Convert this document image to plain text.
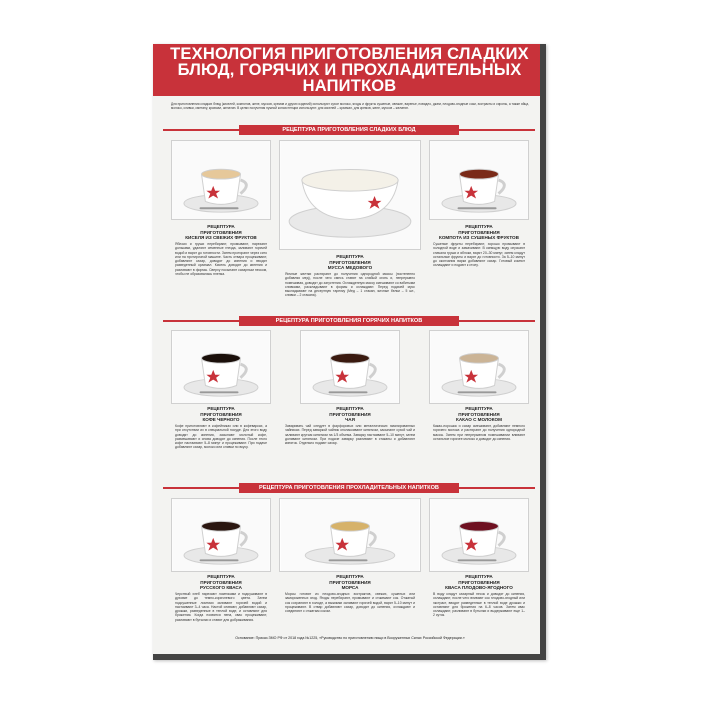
ТЕХНОЛОГИЯ ПРИГОТОВЛЕНИЯ СЛАДКИХ
БЛЮД, ГОРЯЧИХ И ПРОХЛАДИТЕЛЬНЫХ
НАПИТКОВ
Для приготовления сладких блюд (киселей, компотов, желе, муссов, кремов и других изделий) используют сухое молоко, ягоды и фрукты сушеные, свежие, варенье, повидло, джем, плодово-ягодные соки, экстракты и сиропы, а также яйца, молоко, сливки, сметану, крахмал, желатин. В целях получения нужной консистенции используют: для киселей – крахмал, для кремов, желе, муссов – желатин.
РЕЦЕПТУРА ПРИГОТОВЛЕНИЯ СЛАДКИХ БЛЮД
РЕЦЕПТУРА
ПРИГОТОВЛЕНИЯ
КИСЕЛЯ ИЗ СВЕЖИХ ФРУКТОВ
Яблоки и груши перебирают, промывают, нарезают дольками, удаляют семенные гнезда, заливают горячей водой и варят до готовности. Затем протирают через сито или на протирочной машине. Часть отвара процеживают, добавляют сахар, доводят до кипения и вводят разведенный крахмал. Кисель доводят до кипения и разливают в формы. Сверху посыпают сахарным песком, чтобы не образовалась пленка.
РЕЦЕПТУРА
ПРИГОТОВЛЕНИЯ
МУССА МЕДОВОГО
Яичные желтки растирают до получения однородной массы (постепенно добавляя мед), после чего смесь ставят на слабый огонь и, непрерывно помешивая, доводят до загустения. Охлажденную массу смешивают со взбитыми сливками, раскладывают в формы и охлаждают. Перед подачей мусс выкладывают на десертную тарелку (Мед – 1 стакан, яичные белки – 5 шт., сливки – 2 стакана).
РЕЦЕПТУРА
ПРИГОТОВЛЕНИЯ
КОМПОТА ИЗ СУШЕНЫХ ФРУКТОВ
Сушеные фрукты перебирают, хорошо промывают в холодной воде и замачивают. В кипящую воду опускают сначала груши и яблоки, варят 20–30 минут, затем кладут остальные фрукты и варят до готовности. За 5–10 минут до окончания варки добавляют сахар. Готовый компот охлаждают и подают к столу.
РЕЦЕПТУРА ПРИГОТОВЛЕНИЯ ГОРЯЧИХ НАПИТКОВ
РЕЦЕПТУРА
ПРИГОТОВЛЕНИЯ
КОФЕ ЧЕРНОГО
Кофе приготовляют в кофейниках или в кофеварках, а при отсутствии их в специальной посуде. Для этого воду доводят до кипения, засыпают молотый кофе, размешивают и снова доводят до кипения. После этого кофе настаивают 5–8 минут и процеживают. При подаче добавляют сахар, молоко или сливки по вкусу.
РЕЦЕПТУРА
ПРИГОТОВЛЕНИЯ
ЧАЯ
Заваривать чай следует в фарфоровых или металлических эмалированных чайниках. Перед заваркой чайник ополаскивают кипятком, засыпают сухой чай и заливают крутым кипятком на 1/3 объема. Заварку настаивают 5–10 минут, затем доливают кипятком. При подаче заварку разливают в стаканы и добавляют кипяток. Отдельно подают сахар.
РЕЦЕПТУРА
ПРИГОТОВЛЕНИЯ
КАКАО С МОЛОКОМ
Какао-порошок и сахар смешивают, добавляют немного горячего молока и растирают до получения однородной массы. Затем при непрерывном помешивании вливают остальное горячее молоко и доводят до кипения.
РЕЦЕПТУРА ПРИГОТОВЛЕНИЯ ПРОХЛАДИТЕЛЬНЫХ НАПИТКОВ
РЕЦЕПТУРА
ПРИГОТОВЛЕНИЯ
РУССКОГО КВАСА
Черствый хлеб нарезают ломтиками и подсушивают в духовке до темно-коричневого цвета. Затем подсушенные ломтики заливают горячей водой и настаивают 3–4 часа. Настой сливают, добавляют сахар, дрожжи, разведенные в теплой воде, и оставляют для брожения. Когда появится пена, квас процеживают, разливают в бутылки и ставят для дображивания.
РЕЦЕПТУРА
ПРИГОТОВЛЕНИЯ
МОРСА
Морсы готовят из плодово-ягодных экстрактов, свежих, сушеных или замороженных ягод. Ягоды перебирают, промывают и отжимают сок. Отжатый сок сохраняют в холоде, а выжимки заливают горячей водой, варят 5–10 минут и процеживают. В отвар добавляют сахар, доводят до кипения, охлаждают и соединяют с отжатым соком.
РЕЦЕПТУРА
ПРИГОТОВЛЕНИЯ
КВАСА ПЛОДОВО-ЯГОДНОГО
В воду кладут сахарный песок и доводят до кипения, охлаждают, после чего вливают сок плодово-ягодный или экстракт, вводят разведенные в теплой воде дрожжи и оставляют для брожения на 6–8 часов. Затем квас охлаждают, разливают в бутылки и выдерживают еще 1–2 суток.
Основание: Приказ ЗМО РФ от 2018 года №1225, «Руководство по приготовлению пищи в Вооруженных Силах Российской Федерации.»
